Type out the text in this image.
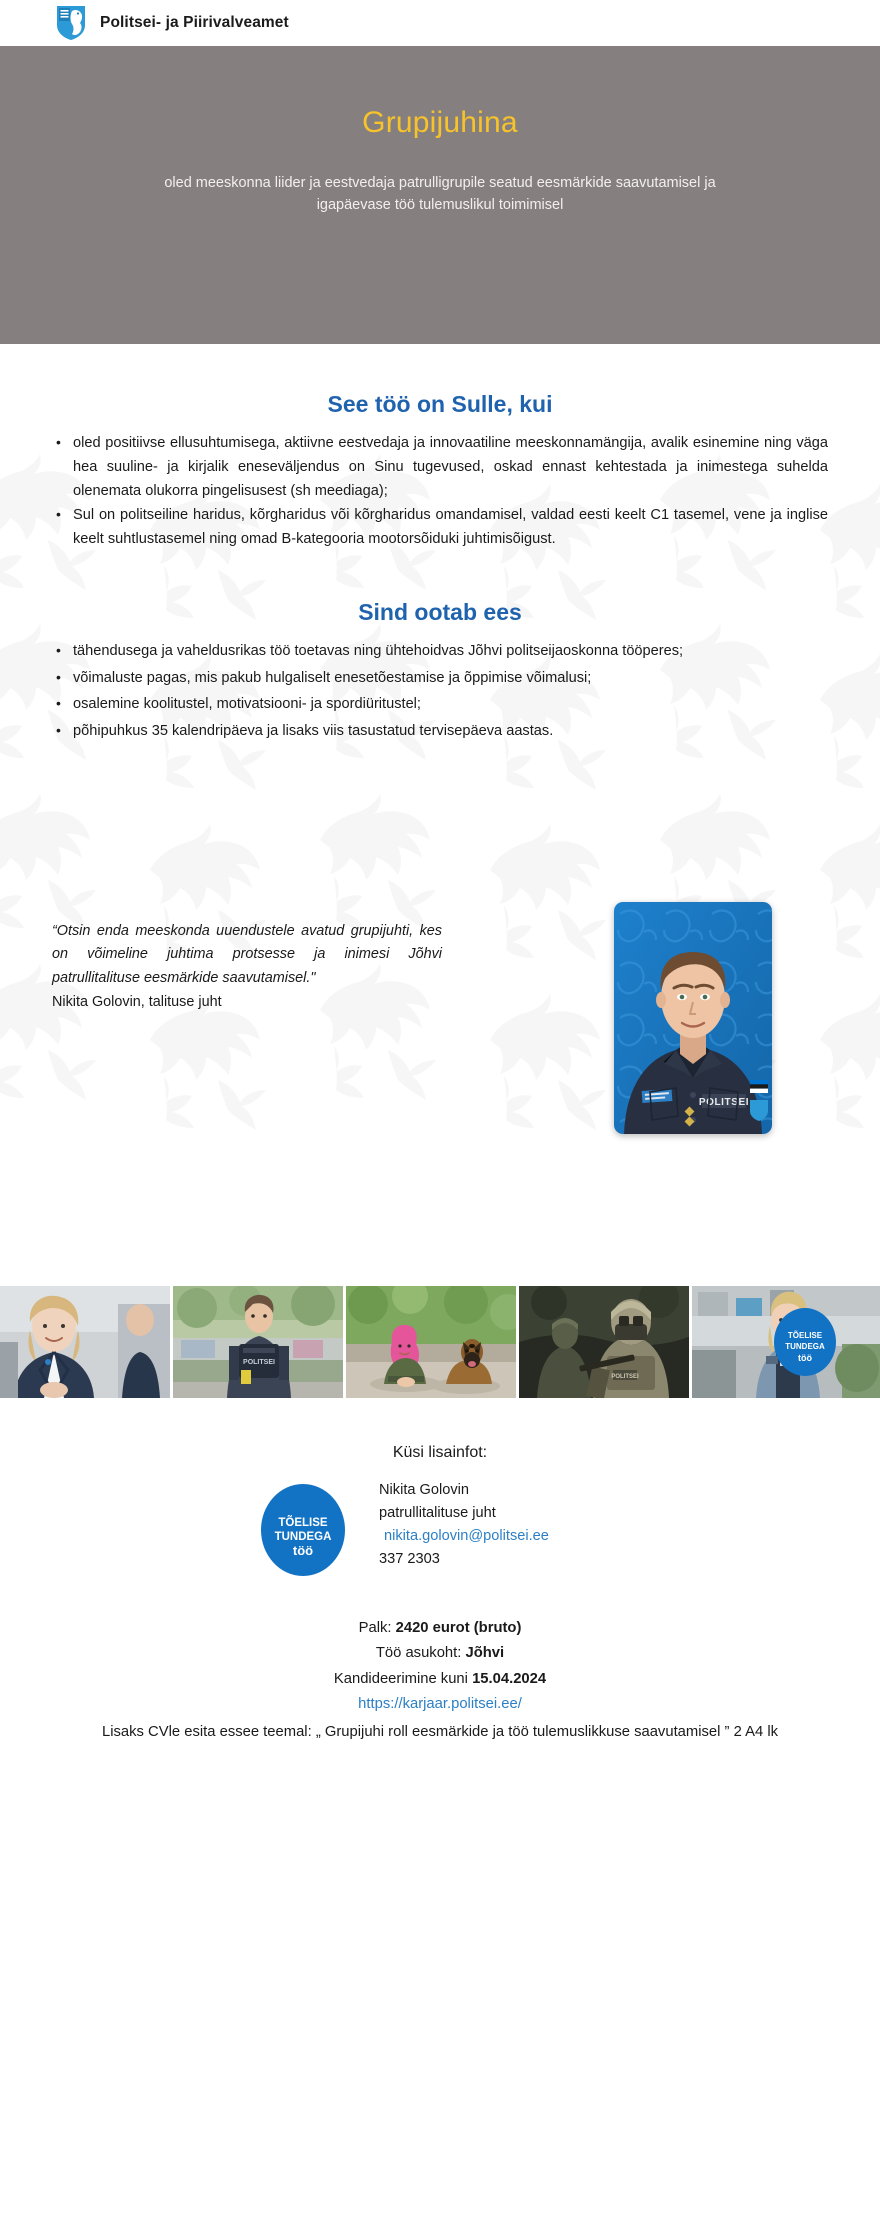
Politsei- ja Piirivalveamet
Grupijuhina
oled meeskonna liider ja eestvedaja patrulligrupile seatud eesmärkide saavutamisel ja igapäevase töö tulemuslikul toimimisel
See töö on Sulle, kui
• oled positiivse ellusuhtumisega, aktiivne eestvedaja ja innovaatiline meeskonnamängija, avalik esinemine ning väga hea suuline- ja kirjalik eneseväljendus on Sinu tugevused, oskad ennast kehtestada ja inimestega suhelda olenemata olukorra pingelisusest (sh meediaga);
• Sul on politseiline haridus, kõrgharidus või kõrgharidus omandamisel, valdad eesti keelt C1 tasemel, vene ja inglise keelt suhtlustasemel ning omad B-kategooria mootorsõiduki juhtimisõigust.
Sind ootab ees
• tähendusega ja vaheldusrikas töö toetavas ning ühtehoidvas Jõhvi politseijaoskonna tööperes;
• võimaluste pagas, mis pakub hulgaliselt enesetõestamise ja õppimise võimalusi;
• osalemine koolitustel, motivatsiooni- ja spordiüritustel;
• põhipuhkus 35 kalendripäeva ja lisaks viis tasustatud tervisepäeva aastas.
“Otsin enda meeskonda uuendustele avatud grupijuhti, kes on võimeline juhtima protsesse ja inimesi Jõhvi patrullitalituse eesmärkide saavutamisel."
Nikita Golovin, talituse juht
POLITSEI
POLITSEI
POLITSEI
TÕELISE
TUNDEGA
töö
Küsi lisainfot:
TÕELISE
TUNDEGA
töö
Nikita Golovin
patrullitalituse juht
nikita.golovin@politsei.ee
337 2303
Palk: 2420 eurot (bruto)
Töö asukoht: Jõhvi
Kandideerimine kuni 15.04.2024
https://karjaar.politsei.ee/
Lisaks CVle esita essee teemal: „ Grupijuhi roll eesmärkide ja töö tulemuslikkuse saavutamisel ” 2 A4 lk
